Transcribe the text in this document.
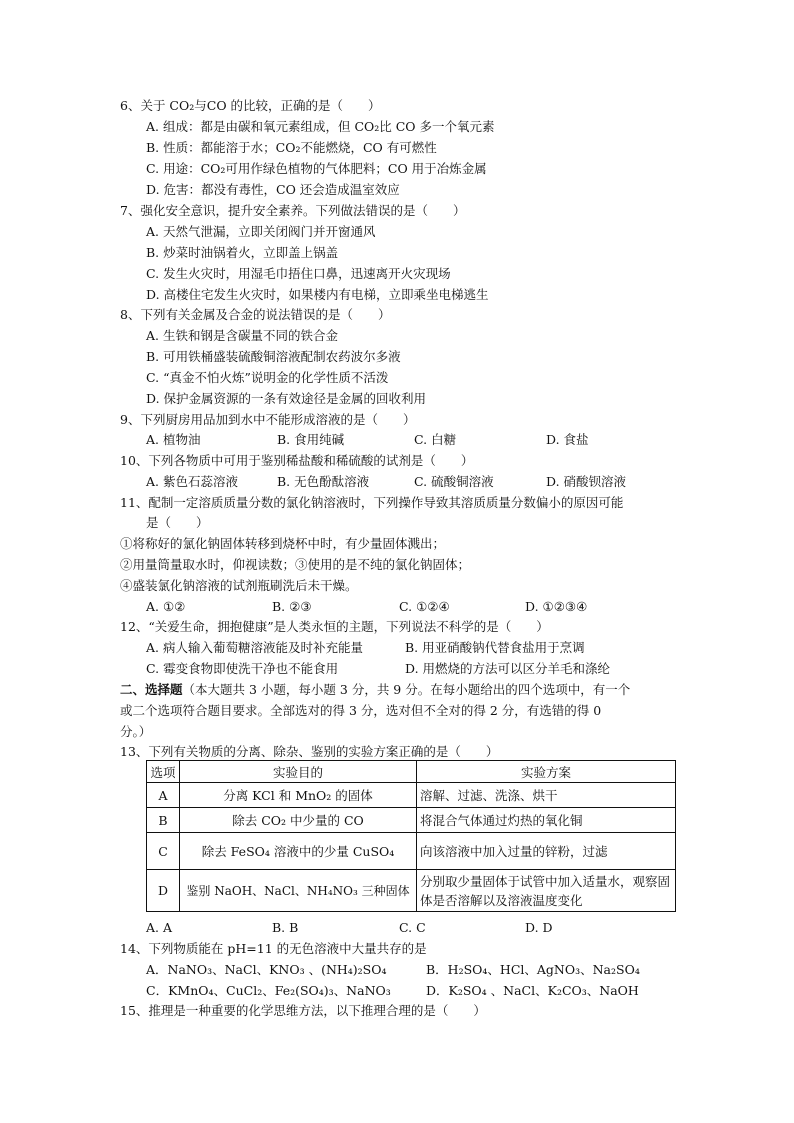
6、关于 CO₂与CO 的比较，正确的是（　　）
A. 组成：都是由碳和氧元素组成，但 CO₂比 CO 多一个氧元素
B. 性质：都能溶于水；CO₂不能燃烧，CO 有可燃性
C. 用途：CO₂可用作绿色植物的气体肥料；CO 用于冶炼金属
D. 危害：都没有毒性，CO 还会造成温室效应
7、强化安全意识，提升安全素养。下列做法错误的是（　　）
A. 天然气泄漏，立即关闭阀门并开窗通风
B. 炒菜时油锅着火，立即盖上锅盖
C. 发生火灾时，用湿毛巾捂住口鼻，迅速离开火灾现场
D. 高楼住宅发生火灾时，如果楼内有电梯，立即乘坐电梯逃生
8、下列有关金属及合金的说法错误的是（　　）
A. 生铁和钢是含碳量不同的铁合金
B. 可用铁桶盛装硫酸铜溶液配制农药波尔多液
C. “真金不怕火炼”说明金的化学性质不活泼
D. 保护金属资源的一条有效途径是金属的回收利用
9、下列厨房用品加到水中不能形成溶液的是（　　）
A. 植物油	B. 食用纯碱	C. 白糖	D. 食盐
10、下列各物质中可用于鉴别稀盐酸和稀硫酸的试剂是（　　）
A. 紫色石蕊溶液	B. 无色酚酞溶液	C. 硫酸铜溶液	D. 硝酸钡溶液
11、配制一定溶质质量分数的氯化钠溶液时，下列操作导致其溶质质量分数偏小的原因可能
是（　　）
①将称好的氯化钠固体转移到烧杯中时，有少量固体溅出；
②用量筒量取水时，仰视读数；③使用的是不纯的氯化钠固体；
④盛装氯化钠溶液的试剂瓶刷洗后未干燥。
A. ①②	B. ②③	C. ①②④	D. ①②③④
12、“关爱生命，拥抱健康”是人类永恒的主题，下列说法不科学的是（　　）
A. 病人输入葡萄糖溶液能及时补充能量	B. 用亚硝酸钠代替食盐用于烹调
C. 霉变食物即使洗干净也不能食用	D. 用燃烧的方法可以区分羊毛和涤纶
二、选择题（本大题共 3 小题，每小题 3 分，共 9 分。在每小题给出的四个选项中，有一个
或二个选项符合题目要求。全部选对的得 3 分，选对但不全对的得 2 分，有选错的得 0
分。）
13、下列有关物质的分离、除杂、鉴别的实验方案正确的是（　　）
选项	实验目的	实验方案
A	分离 KCl 和 MnO₂ 的固体	溶解、过滤、洗涤、烘干
B	除去 CO₂ 中少量的 CO	将混合气体通过灼热的氧化铜
C	除去 FeSO₄ 溶液中的少量 CuSO₄	向该溶液中加入过量的锌粉，过滤
D	鉴别 NaOH、NaCl、NH₄NO₃ 三种固体	分别取少量固体于试管中加入适量水，观察固体是否溶解以及溶液温度变化
A. A	B. B	C. C	D. D
14、下列物质能在 pH=11 的无色溶液中大量共存的是
A．NaNO₃、NaCl、KNO₃ 、(NH₄)₂SO₄	B．H₂SO₄、HCl、AgNO₃、Na₂SO₄
C．KMnO₄、CuCl₂、Fe₂(SO₄)₃、NaNO₃	D．K₂SO₄ 、NaCl、K₂CO₃、NaOH
15、推理是一种重要的化学思维方法，以下推理合理的是（　　）
